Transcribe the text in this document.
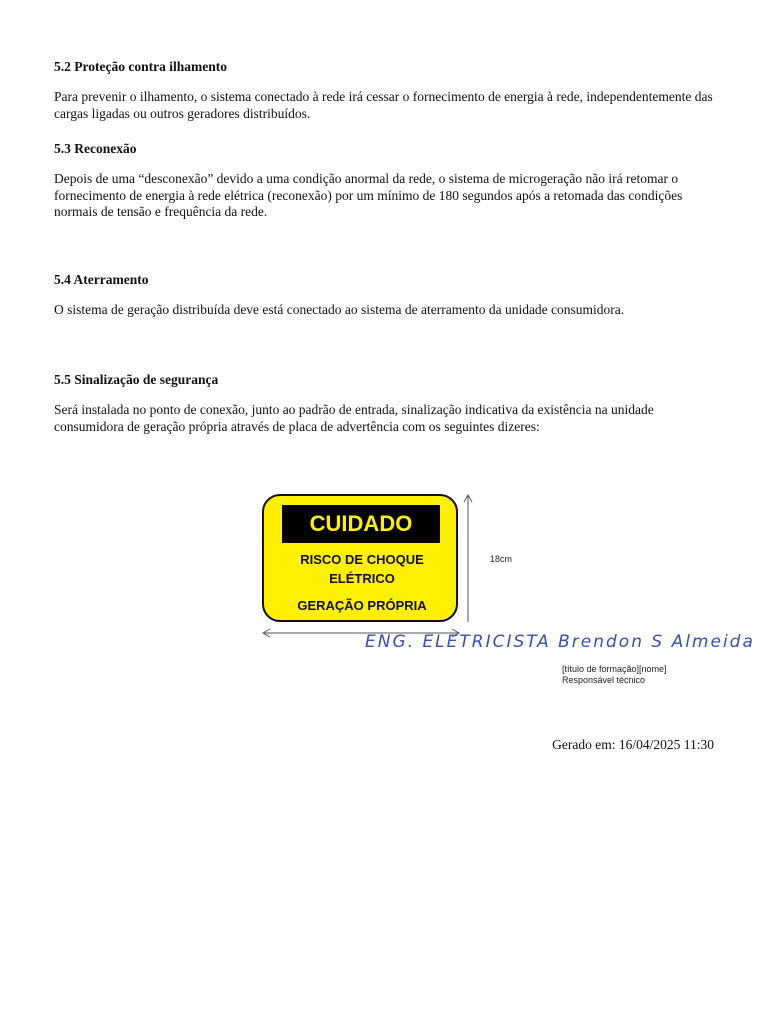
5.2 Proteção contra ilhamento

Para prevenir o ilhamento, o sistema conectado à rede irá cessar o fornecimento de energia à rede, independentemente das cargas ligadas ou outros geradores distribuídos.

5.3 Reconexão

Depois de uma “desconexão” devido a uma condição anormal da rede, o sistema de microgeração não irá retomar o fornecimento de energia à rede elétrica (reconexão) por um mínimo de 180 segundos após a retomada das condições normais de tensão e frequência da rede.

5.4 Aterramento

O sistema de geração distribuída deve está conectado ao sistema de aterramento da unidade consumidora.

5.5 Sinalização de segurança

Será instalada no ponto de conexão, junto ao padrão de entrada, sinalização indicativa da existência na unidade consumidora de geração própria através de placa de advertência com os seguintes dizeres:

CUIDADO
RISCO DE CHOQUE
ELÉTRICO
GERAÇÃO PRÓPRIA
18cm
ENG. ELETRICISTA Brendon S Almeida
[título de formação][nome]
Responsável técnico
Gerado em: 16/04/2025 11:30
